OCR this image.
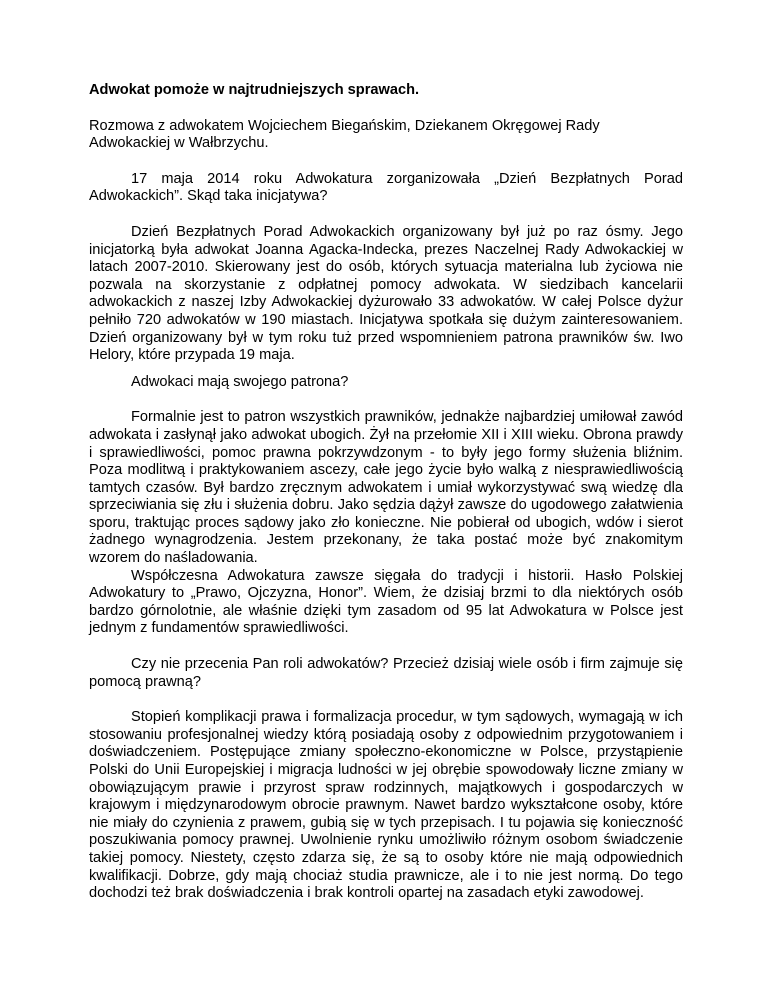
Adwokat pomoże w najtrudniejszych sprawach.

Rozmowa z adwokatem Wojciechem Biegańskim, Dziekanem Okręgowej Rady Adwokackiej w Wałbrzychu.

17 maja 2014 roku Adwokatura zorganizowała „Dzień Bezpłatnych Porad Adwokackich”. Skąd taka inicjatywa?

Dzień Bezpłatnych Porad Adwokackich organizowany był już po raz ósmy. Jego inicjatorką była adwokat Joanna Agacka-Indecka, prezes Naczelnej Rady Adwokackiej w latach 2007-2010. Skierowany jest do osób, których sytuacja materialna lub życiowa nie pozwala na skorzystanie z odpłatnej pomocy adwokata. W siedzibach kancelarii adwokackich z naszej Izby Adwokackiej dyżurowało 33 adwokatów. W całej Polsce dyżur pełniło 720 adwokatów w 190 miastach. Inicjatywa spotkała się dużym zainteresowaniem. Dzień organizowany był w tym roku tuż przed wspomnieniem patrona prawników św. Iwo Helory, które przypada 19 maja.

Adwokaci mają swojego patrona?

Formalnie jest to patron wszystkich prawników, jednakże najbardziej umiłował zawód adwokata i zasłynął jako adwokat ubogich. Żył na przełomie XII i XIII wieku. Obrona prawdy i sprawiedliwości, pomoc prawna pokrzywdzonym - to były jego formy służenia bliźnim. Poza modlitwą i praktykowaniem ascezy, całe jego życie było walką z niesprawiedliwością tamtych czasów. Był bardzo zręcznym adwokatem i umiał wykorzystywać swą wiedzę dla sprzeciwiania się złu i służenia dobru. Jako sędzia dążył zawsze do ugodowego załatwienia sporu, traktując proces sądowy jako zło konieczne. Nie pobierał od ubogich, wdów i sierot żadnego wynagrodzenia. Jestem przekonany, że taka postać może być znakomitym wzorem do naśladowania.

Współczesna Adwokatura zawsze sięgała do tradycji i historii. Hasło Polskiej Adwokatury to „Prawo, Ojczyzna, Honor”. Wiem, że dzisiaj brzmi to dla niektórych osób bardzo górnolotnie, ale właśnie dzięki tym zasadom od 95 lat Adwokatura w Polsce jest jednym z fundamentów sprawiedliwości.

Czy nie przecenia Pan roli adwokatów? Przecież dzisiaj wiele osób i firm zajmuje się pomocą prawną?

Stopień komplikacji prawa i formalizacja procedur, w tym sądowych, wymagają w ich stosowaniu profesjonalnej wiedzy którą posiadają osoby z odpowiednim przygotowaniem i doświadczeniem. Postępujące zmiany społeczno-ekonomiczne w Polsce, przystąpienie Polski do Unii Europejskiej i migracja ludności w jej obrębie spowodowały liczne zmiany w obowiązującym prawie i przyrost spraw rodzinnych, majątkowych i gospodarczych w krajowym i międzynarodowym obrocie prawnym. Nawet bardzo wykształcone osoby, które nie miały do czynienia z prawem, gubią się w tych przepisach. I tu pojawia się konieczność poszukiwania pomocy prawnej. Uwolnienie rynku umożliwiło różnym osobom świadczenie takiej pomocy. Niestety, często zdarza się, że są to osoby które nie mają odpowiednich kwalifikacji. Dobrze, gdy mają chociaż studia prawnicze, ale i to nie jest normą. Do tego dochodzi też brak doświadczenia i brak kontroli opartej na zasadach etyki zawodowej.
